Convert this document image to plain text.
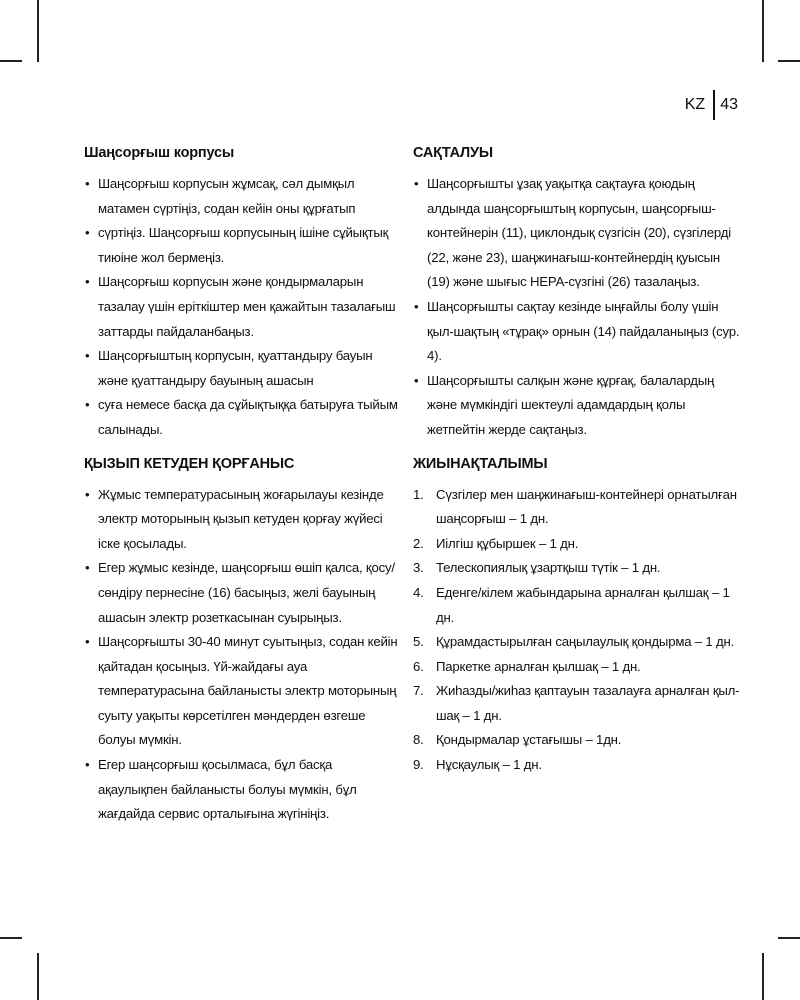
KZ 43
Шаңсорғыш корпусы
• Шаңсорғыш корпусын жұмсақ, сәл дымқыл матамен сүртіңіз, содан кейін оны құрғатып
• сүртіңіз. Шаңсорғыш корпусының ішіне сұйықтық тиюіне жол бермеңіз.
• Шаңсорғыш корпусын және қондырмаларын тазалау үшін еріткіштер мен қажайтын тазалағыш заттарды пайдаланбаңыз.
• Шаңсорғыштың корпусын, қуаттандыру бауын және қуаттандыру бауының ашасын
• суға немесе басқа да сұйықтыққа батыруға тыйым салынады.
ҚЫЗЫП КЕТУДЕН ҚОРҒАНЫС
• Жұмыс температурасының жоғарылауы кезінде электр моторының қызып кетуден қорғау жүйесі іске қосылады.
• Егер жұмыс кезінде, шаңсорғыш өшіп қалса, қосу/сөндіру пернесіне (16) басыңыз, желі бауының ашасын электр розеткасынан суырыңыз.
• Шаңсорғышты 30-40 минут суытыңыз, содан кейін қайтадан қосыңыз. Үй-жайдағы ауа температурасына байланысты электр моторының суыту уақыты көрсетілген мәндерден өзгеше болуы мүмкін.
• Егер шаңсорғыш қосылмаса, бұл басқа ақаулықпен байланысты болуы мүмкін, бұл жағдайда сервис орталығына жүгініңіз.
САҚТАЛУЫ
• Шаңсорғышты ұзақ уақытқа сақтауға қоюдың алдында шаңсорғыштың корпусын, шаңсорғыш-контейнерін (11), циклондық сүзгісін (20), сүзгілерді (22, және 23), шаңжинағыш-контейнердің қуысын (19) және шығыс НЕРА-сүзгіні (26) тазалаңыз.
• Шаңсорғышты сақтау кезінде ыңғайлы болу үшін қыл-шақтың «тұрақ» орнын (14) пайдаланыңыз (сур. 4).
• Шаңсорғышты салқын және құрғақ, балалардың және мүмкіндігі шектеулі адамдардың қолы жетпейтін жерде сақтаңыз.
ЖИЫНАҚТАЛЫМЫ
1. Сүзгілер мен шаңжинағыш-контейнері орнатылған шаңсорғыш – 1 дн.
2. Иілгіш құбыршек – 1 дн.
3. Телескопиялық ұзартқыш түтік – 1 дн.
4. Еденге/кілем жабындарына арналған қылшақ – 1 дн.
5. Құрамдастырылған саңылаулық қондырма – 1 дн.
6. Паркетке арналған қылшақ – 1 дн.
7. Жиһазды/жиһаз қаптауын тазалауға арналған қыл-шақ – 1 дн.
8. Қондырмалар ұстағышы – 1дн.
9. Нұсқаулық – 1 дн.
